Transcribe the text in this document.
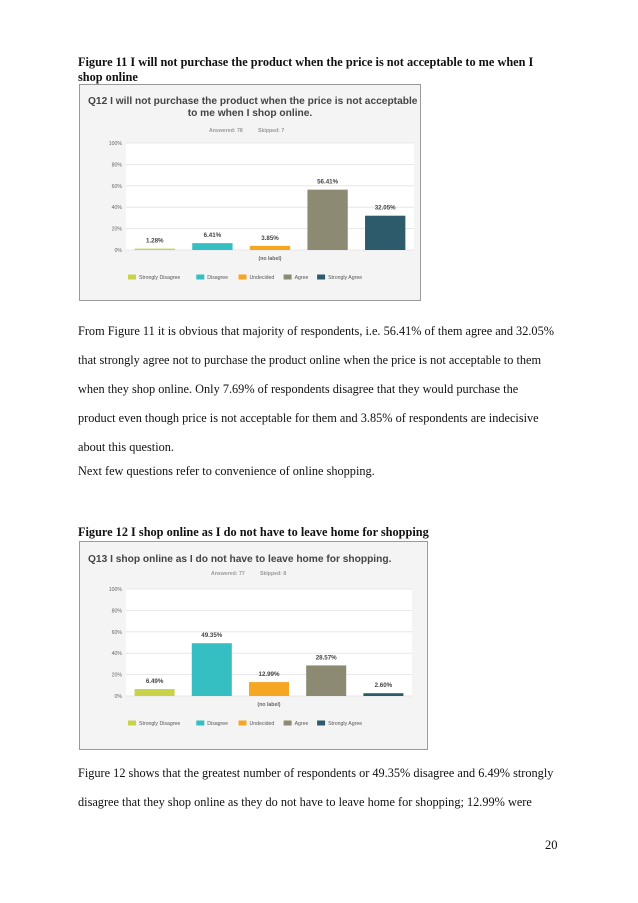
Figure 11 I will not purchase the product when the price is not acceptable to me when I
shop online
Q12 I will not purchase the product when the price is not acceptable
to me when I shop online.
Answered: 78	Skipped: 7
100%
80%
60%
40%
20%
0%
1.28%
6.41%	3.85%
56.41%
32.05%
(no label)
Strongly Disagree	Disagree	Undecided	Agree	Strongly Agree
From Figure 11 it is obvious that majority of respondents, i.e. 56.41% of them agree and 32.05%
that strongly agree not to purchase the product online when the price is not acceptable to them
when they shop online. Only 7.69% of respondents disagree that they would purchase the
product even though price is not acceptable for them and 3.85% of respondents are indecisive
about this question.
Next few questions refer to convenience of online shopping.
Figure 12 I shop online as I do not have to leave home for shopping
Q13 I shop online as I do not have to leave home for shopping.
Answered: 77	Skipped: 8
100%
80%
60%
40%
20%
0%
6.49%
49.35%
12.99%
28.57%
2.60%
(no label)
Strongly Disagree	Disagree	Undecided	Agree	Strongly Agree
Figure 12 shows that the greatest number of respondents or 49.35% disagree and 6.49% strongly
disagree that they shop online as they do not have to leave home for shopping; 12.99% were
20
